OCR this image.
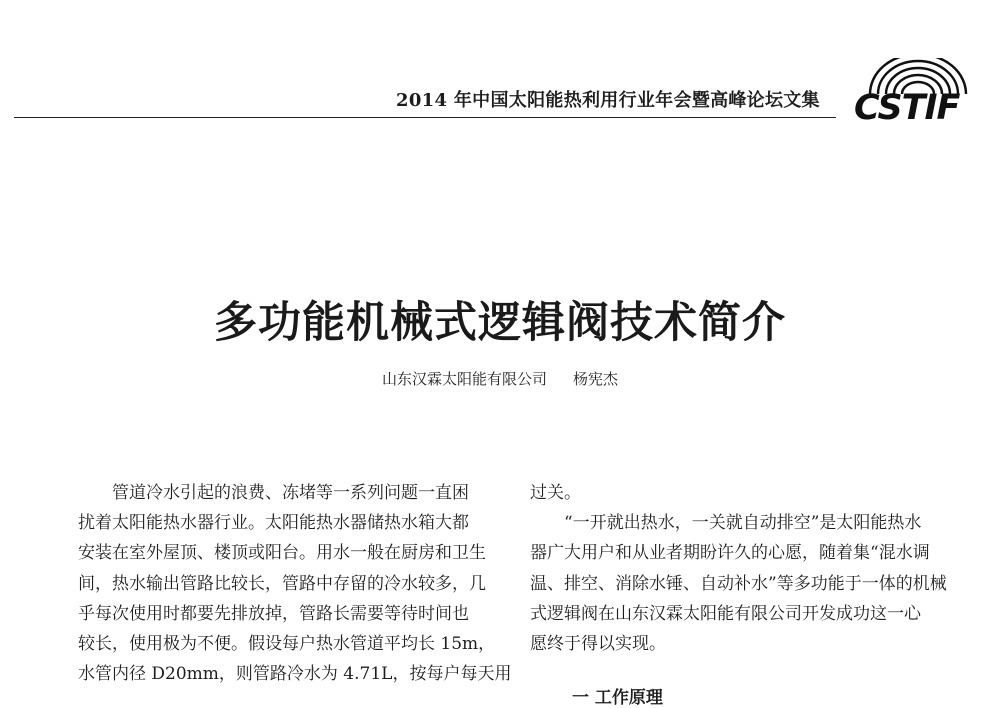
2014 年中国太阳能热利用行业年会暨高峰论坛文集 CSTIF
多功能机械式逻辑阀技术简介
山东汉霖太阳能有限公司 杨宪杰
管道冷水引起的浪费、冻堵等一系列问题一直困
扰着太阳能热水器行业。太阳能热水器储热水箱大都
安装在室外屋顶、楼顶或阳台。用水一般在厨房和卫生
间，热水输出管路比较长，管路中存留的冷水较多，几
乎每次使用时都要先排放掉，管路长需要等待时间也
较长，使用极为不便。假设每户热水管道平均长 15m，
水管内径 D20mm，则管路冷水为 4.71L，按每户每天用
过关。
“一开就出热水，一关就自动排空”是太阳能热水
器广大用户和从业者期盼许久的心愿，随着集“混水调
温、排空、消除水锤、自动补水”等多功能于一体的机械
式逻辑阀在山东汉霖太阳能有限公司开发成功这一心
愿终于得以实现。
一 工作原理
